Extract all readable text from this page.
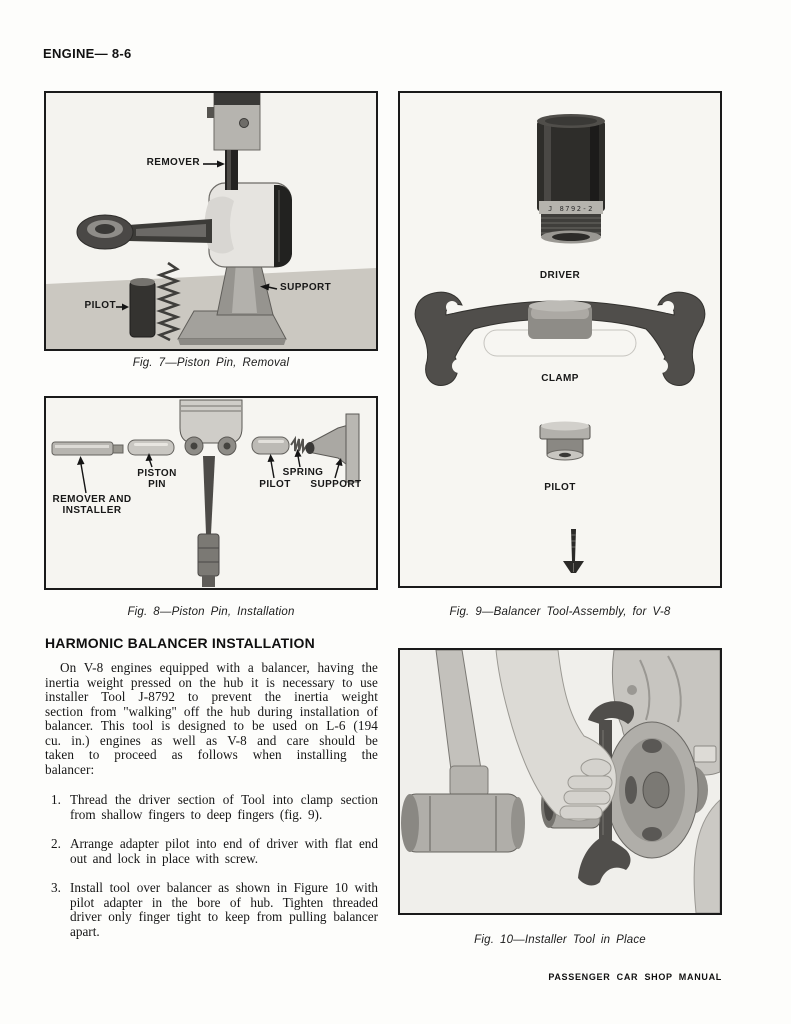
ENGINE— 8-6
REMOVER
SUPPORT
PILOT
Fig. 7—Piston Pin, Removal
PISTON PIN
REMOVER AND INSTALLER
PILOT
SPRING
SUPPORT
Fig. 8—Piston Pin, Installation
J 8792-2
DRIVER
CLAMP
PILOT
Fig. 9—Balancer Tool-Assembly, for V-8
HARMONIC BALANCER INSTALLATION
On V-8 engines equipped with a balancer, having the inertia weight pressed on the hub it is necessary to use installer Tool J-8792 to prevent the inertia weight section from ''walking'' off the hub during installation of balancer. This tool is designed to be used on L-6 (194 cu. in.) engines as well as V-8 and care should be taken to proceed as follows when installing the balancer:
1. Thread the driver section of Tool into clamp section from shallow fingers to deep fingers (fig. 9).
2. Arrange adapter pilot into end of driver with flat end out and lock in place with screw.
3. Install tool over balancer as shown in Figure 10 with pilot adapter in the bore of hub. Tighten threaded driver only finger tight to keep from pulling balancer apart.
Fig. 10—Installer Tool in Place
PASSENGER CAR SHOP MANUAL
